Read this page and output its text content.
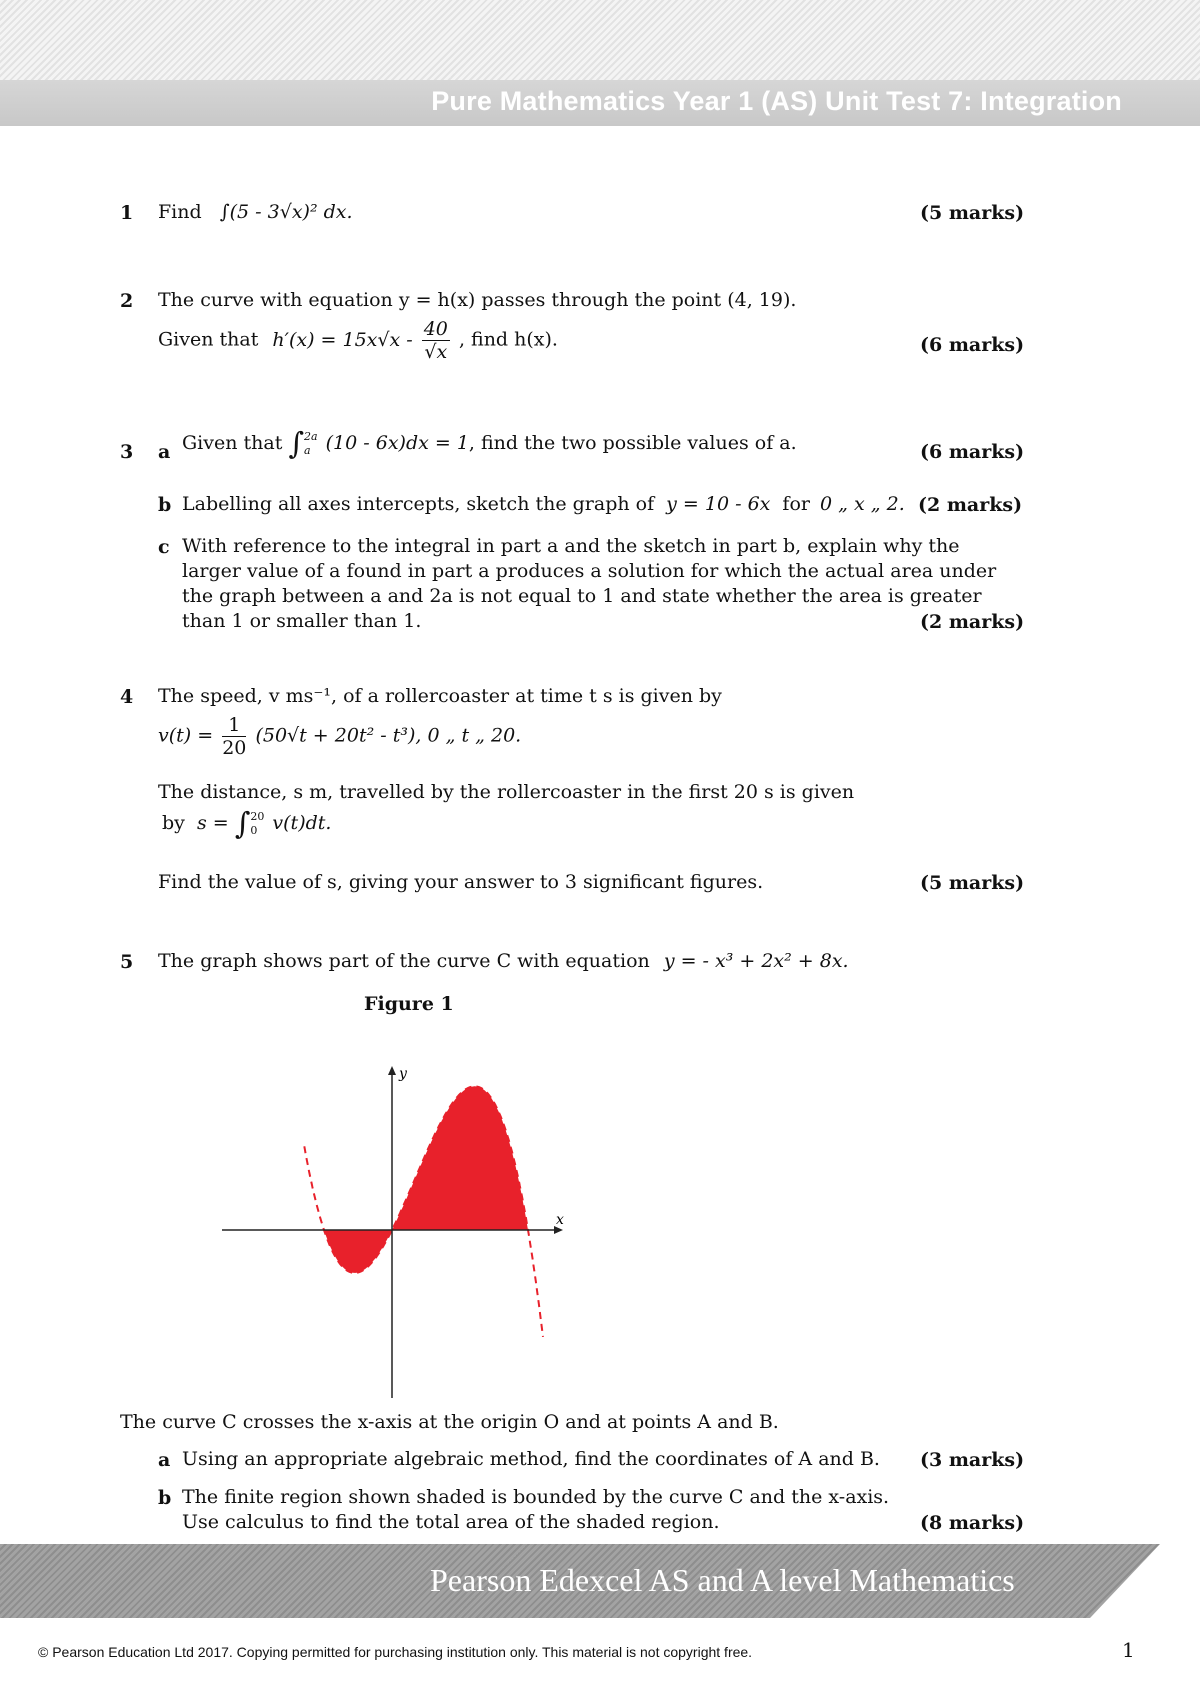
Pure Mathematics Year 1 (AS) Unit Test 7: Integration
1 Find ∫(5 - 3√x)² dx.	(5 marks)
2 The curve with equation y = h(x) passes through the point (4, 19).
Given that $h'(x) = 15x√x - \frac{40}{√x}$ , find h(x).	(6 marks)
3 a Given that ∫ 2a
a (10 - 6x)dx = 1, find the two possible values of a.	(6 marks)
b Labelling all axes intercepts, sketch the graph of y = 10 - 6x for 0 „ x „ 2. (2 marks)
c With reference to the integral in part a and the sketch in part b, explain why the
larger value of a found in part a produces a solution for which the actual area under
the graph between a and 2a is not equal to 1 and state whether the area is greater
than 1 or smaller than 1.	(2 marks)
4 The speed, v ms⁻¹, of a rollercoaster at time t s is given by
$v(t) = \frac{1}{20} (50√t + 20t^2 - t^3)$, 0 „ t „ 20.
The distance, s m, travelled by the rollercoaster in the first 20 s is given
by s = ∫ 20
0 v(t)dt.
Find the value of s, giving your answer to 3 significant figures.	(5 marks)
5 The graph shows part of the curve C with equation y = - x³ + 2x² + 8x.
Figure 1
x
y
The curve C crosses the x-axis at the origin O and at points A and B.
a Using an appropriate algebraic method, find the coordinates of A and B. (3 marks)
b The finite region shown shaded is bounded by the curve C and the x-axis.
Use calculus to find the total area of the shaded region.	(8 marks)
Pearson Edexcel AS and A level Mathematics
© Pearson Education Ltd 2017. Copying permitted for purchasing institution only. This material is not copyright free.	1
